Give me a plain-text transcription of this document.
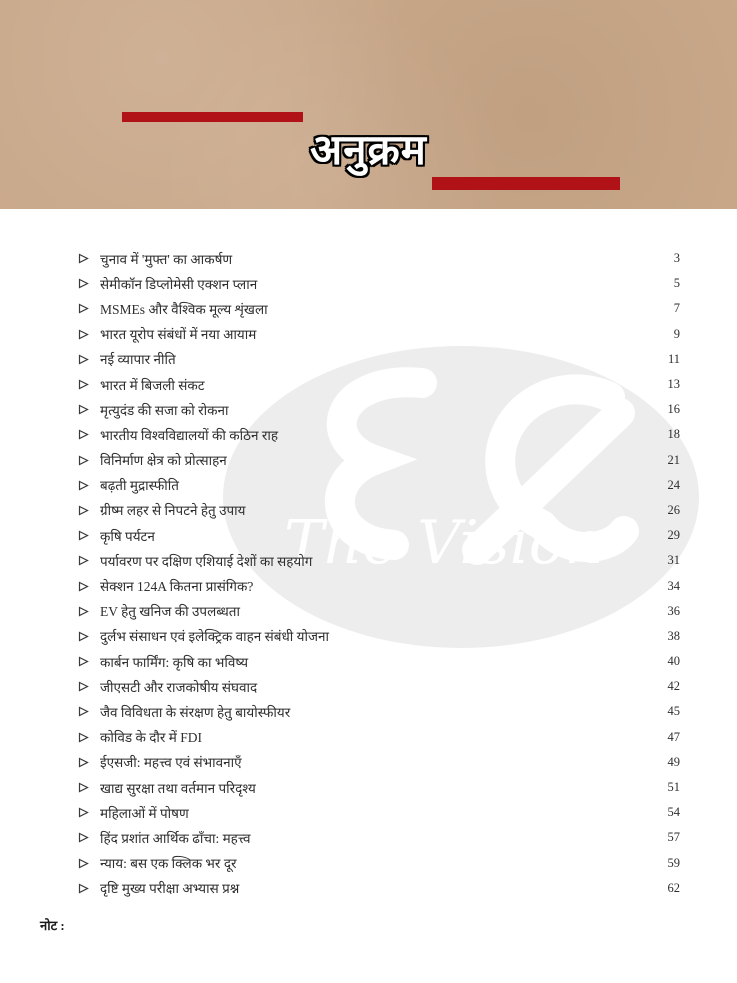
अनुक्रम
The Vision
चुनाव में 'मुफ्त' का आकर्षण	3
सेमीकॉन डिप्लोमेसी एक्शन प्लान	5
MSMEs और वैश्विक मूल्य शृंखला	7
भारत यूरोप संबंधों में नया आयाम	9
नई व्यापार नीति	11
भारत में बिजली संकट	13
मृत्युदंड की सजा को रोकना	16
भारतीय विश्वविद्यालयों की कठिन राह	18
विनिर्माण क्षेत्र को प्रोत्साहन	21
बढ़ती मुद्रास्फीति	24
ग्रीष्म लहर से निपटने हेतु उपाय	26
कृषि पर्यटन	29
पर्यावरण पर दक्षिण एशियाई देशों का सहयोग	31
सेक्शन 124A कितना प्रासंगिक?	34
EV हेतु खनिज की उपलब्धता	36
दुर्लभ संसाधन एवं इलेक्ट्रिक वाहन संबंधी योजना	38
कार्बन फार्मिंग: कृषि का भविष्य	40
जीएसटी और राजकोषीय संघवाद	42
जैव विविधता के संरक्षण हेतु बायोस्फीयर	45
कोविड के दौर में FDI	47
ईएसजी: महत्त्व एवं संभावनाएँ	49
खाद्य सुरक्षा तथा वर्तमान परिदृश्य	51
महिलाओं में पोषण	54
हिंद प्रशांत आर्थिक ढाँचा: महत्त्व	57
न्याय: बस एक क्लिक भर दूर	59
दृष्टि मुख्य परीक्षा अभ्यास प्रश्न	62
नोट :
